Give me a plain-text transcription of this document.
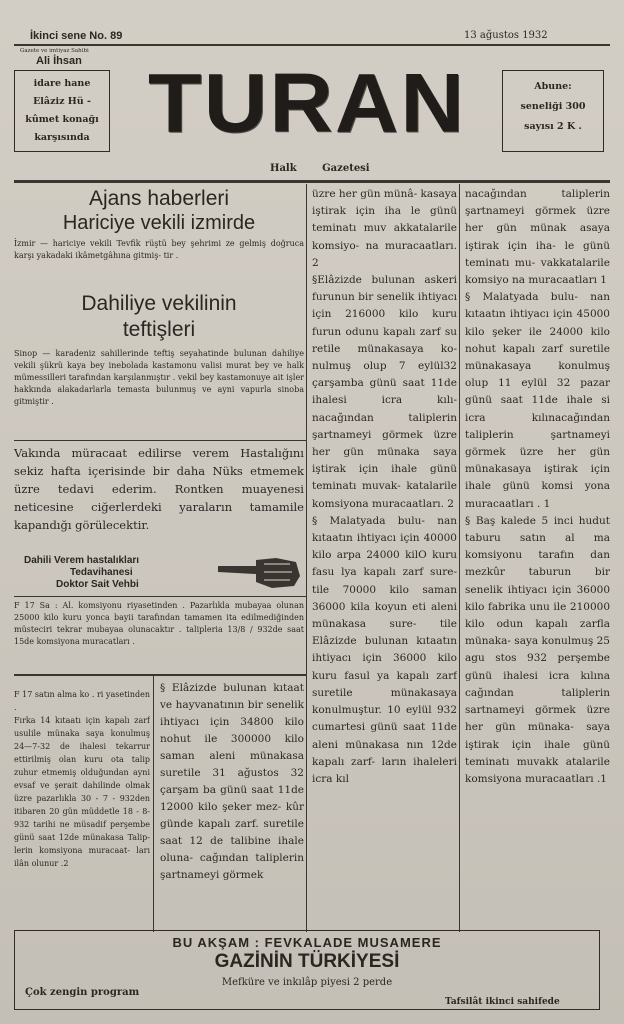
İkinci sene No. 89	13 ağustos 1932
Gazete ve imtiyaz Sahibi
Ali İhsan
idare hane
Elâziz Hü -
kûmet konağı
karşısında TURAN	Abune:
seneliği 300
sayısı 2 K .
Halk Gazetesi
Ajans haberleri
Hariciye vekili izmirde
İzmir — hariciye vekili Tevfik rüştü bey şehrimi ze gelmiş doğruca karşı yakadaki ikâmetgâhına gitmiş- tir .
Dahiliye vekilinin
teftişleri
Sinop — karadeniz sahillerinde teftiş seyahatinde bulunan dahiliye vekili şükrü kaya bey inebolada kastamonu valisi murat bey ve halk mümessilleri tarafından karşılanmıştır . vekil bey kastamonuye ait işler hakkında alakadarlarla temasta bulunmuş ve ayni vapurla sinoba gitmiştir .
Vakında müracaat edilirse verem Hastalığını sekiz hafta içerisinde bir daha Nüks etmemek üzre tedavi ederim. Rontken muayenesi neticesine ciğerlerdeki yaraların tamamile kapandığı görülecektir.
Dahili Verem hastalıkları
Tedavihanesi
Doktor Sait Vehbi
F 17 Sa : Al. komsiyonu riyasetinden . Pazarlıkla mubayaa olunan 25000 kilo kuru yonca bayii tarafından tamamen ita edilmediğinden müsteciri tekrar mubayaa olunacaktır . talipleria 13/8 / 932de saat 15de komsiyona muracatları .
F 17 satın alma ko . ri yasetinden .
Fırka 14 kıtaatı için kapalı zarf usulile münaka saya konulmuş 24—7-32 de ihalesi tekarrur ettirilmiş olan kuru ota talip zuhur etmemiş olduğundan ayni evsaf ve şerait dahilinde olmak üzre pazarlıkla 30 - 7 - 932den itibaren 20 gün müddetle 18 - 8-932 tarihi ne müsadif perşembe günü saat 12de münakasa Talip- lerin komsiyona muracaat- ları ilân olunur .2
§ Elâzizde bulunan kıtaat ve hayvanatının bir senelik ihtiyacı için 34800 kilo nohut ile 300000 kilo saman aleni münakasa suretile 31 ağustos 32 çarşam ba günü saat 11de 12000 kilo şeker mez- kûr günde kapalı zarf. suretile saat 12 de talibine ihale oluna- cağından taliplerin şartnameyi görmek
üzre her gün münâ- kasaya iştirak için iha le günü teminatı muv akkatalarile komsiyo- na muracaatları. 2
§Elâzizde bulunan askeri furunun bir senelik ihtiyacı için 216000 kilo kuru furun odunu kapalı zarf su retile münakasaya ko- nulmuş olup 7 eylül32 çarşamba günü saat 11de ihalesi icra kılı- nacağından taliplerin şartnameyi görmek üzre her gün münaka saya iştirak için ihale günü teminatı muvak- katalarile komsiyona muracaatları. 2
§ Malatyada bulu- nan kıtaatın ihtiyacı için 40000 kilo arpa 24000 kilO kuru fasu lya kapalı zarf sure- tile 70000 kilo saman 36000 kila koyun eti aleni münakasa sure- tile Elâzizde bulunan kıtaatın ihtiyacı için 36000 kilo kuru fasul ya kapalı zarf suretile münakasaya konulmuştur. 10 eylül 932 cumartesi günü saat 11de aleni münakasa nın 12de kapalı zarf- ların ihaleleri icra kıl
nacağından taliplerin şartnameyi görmek üzre her gün münak asaya iştirak için iha- le günü teminatı mu- vakkatalarile komsiyo na muracaatları 1
§ Malatyada bulu- nan kıtaatın ihtiyacı için 45000 kilo şeker ile 24000 kilo nohut kapalı zarf suretile münakasaya konulmuş olup 11 eylül 32 pazar günü saat 11de ihale si icra kılınacağından taliplerin şartnameyi görmek üzre her gün münakasaya iştirak için ihale günü komsi yona muracaatları . 1
§ Baş kalede 5 inci hudut taburu satın al ma komsiyonu tarafın dan mezkûr taburun bir senelik ihtiyacı için 36000 kilo fabrika unu ile 210000 kilo odun kapalı zarfla münaka- saya konulmuş 25 agu stos 932 perşembe günü ihalesi icra kılına cağından taliplerin sartnameyi görmek üzre her gün münaka- saya iştirak için ihale günü teminatı muvakk atalarile komsiyona muracaatları .1
BU AKŞAM : FEVKALADE MUSAMERE
GAZİNİN TÜRKİYESİ
Mefküre ve inkılâp piyesi 2 perde
Çok zengin program
Tafsilât ikinci sahifede
